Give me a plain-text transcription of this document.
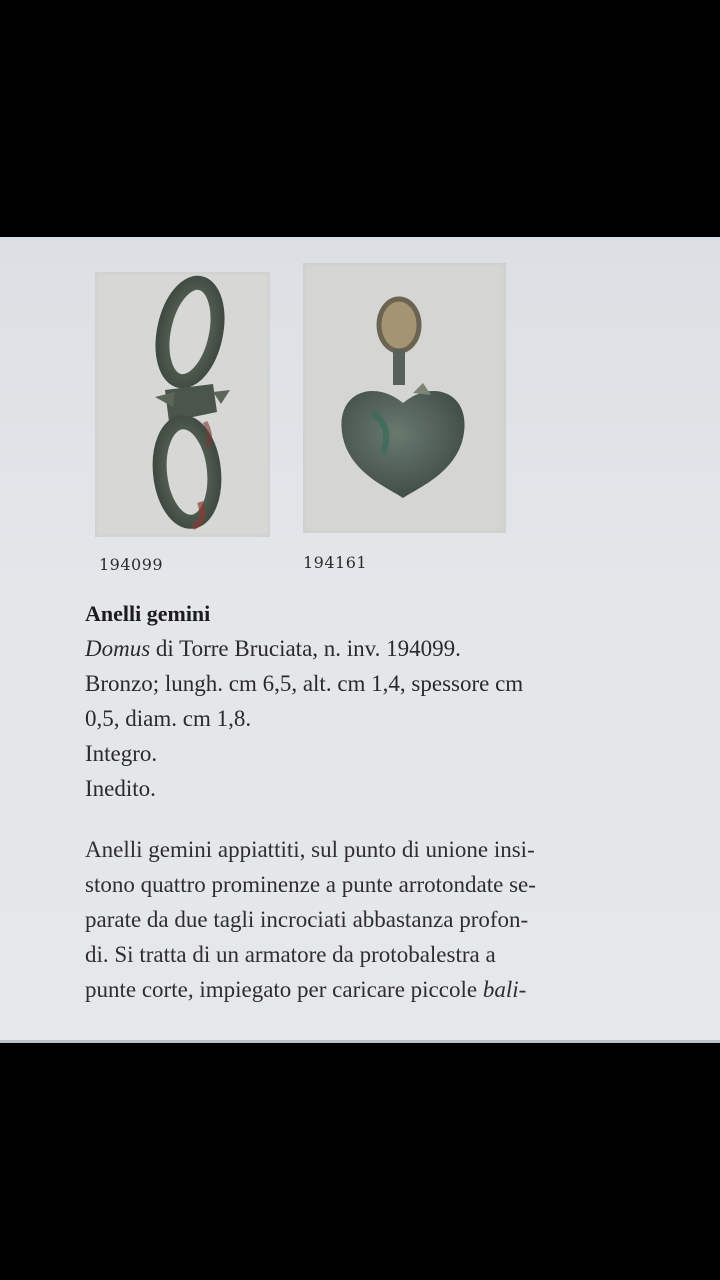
194099	194161
Anelli gemini
Domus di Torre Bruciata, n. inv. 194099.
Bronzo; lungh. cm 6,5, alt. cm 1,4, spessore cm
0,5, diam. cm 1,8.
Integro.
Inedito.
Anelli gemini appiattiti, sul punto di unione insi-
stono quattro prominenze a punte arrotondate se-
parate da due tagli incrociati abbastanza profon-
di. Si tratta di un armatore da protobalestra a
punte corte, impiegato per caricare piccole bali-
